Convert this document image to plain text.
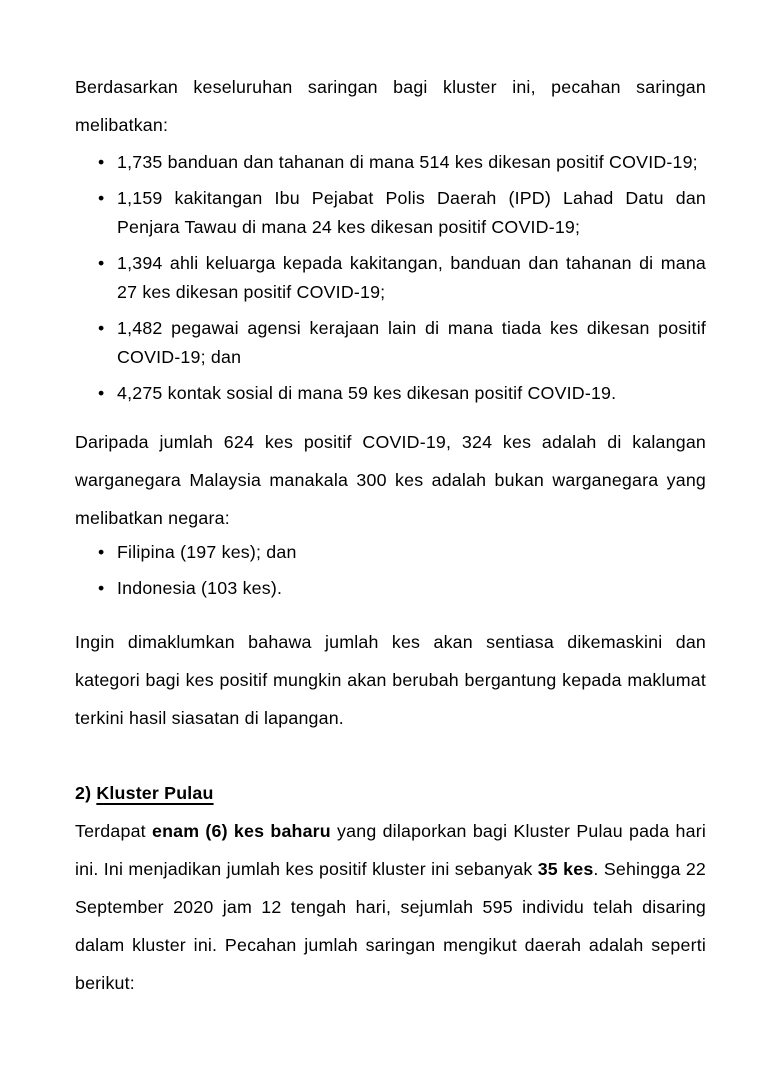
Berdasarkan keseluruhan saringan bagi kluster ini, pecahan saringan melibatkan:

• 1,735 banduan dan tahanan di mana 514 kes dikesan positif COVID-19;
• 1,159 kakitangan Ibu Pejabat Polis Daerah (IPD) Lahad Datu dan Penjara Tawau di mana 24 kes dikesan positif COVID-19;
• 1,394 ahli keluarga kepada kakitangan, banduan dan tahanan di mana 27 kes dikesan positif COVID-19;
• 1,482 pegawai agensi kerajaan lain di mana tiada kes dikesan positif COVID-19; dan
• 4,275 kontak sosial di mana 59 kes dikesan positif COVID-19.

Daripada jumlah 624 kes positif COVID-19, 324 kes adalah di kalangan warganegara Malaysia manakala 300 kes adalah bukan warganegara yang melibatkan negara:

• Filipina (197 kes); dan
• Indonesia (103 kes).

Ingin dimaklumkan bahawa jumlah kes akan sentiasa dikemaskini dan kategori bagi kes positif mungkin akan berubah bergantung kepada maklumat terkini hasil siasatan di lapangan.

2) Kluster Pulau

Terdapat enam (6) kes baharu yang dilaporkan bagi Kluster Pulau pada hari ini. Ini menjadikan jumlah kes positif kluster ini sebanyak 35 kes. Sehingga 22 September 2020 jam 12 tengah hari, sejumlah 595 individu telah disaring dalam kluster ini. Pecahan jumlah saringan mengikut daerah adalah seperti berikut:
